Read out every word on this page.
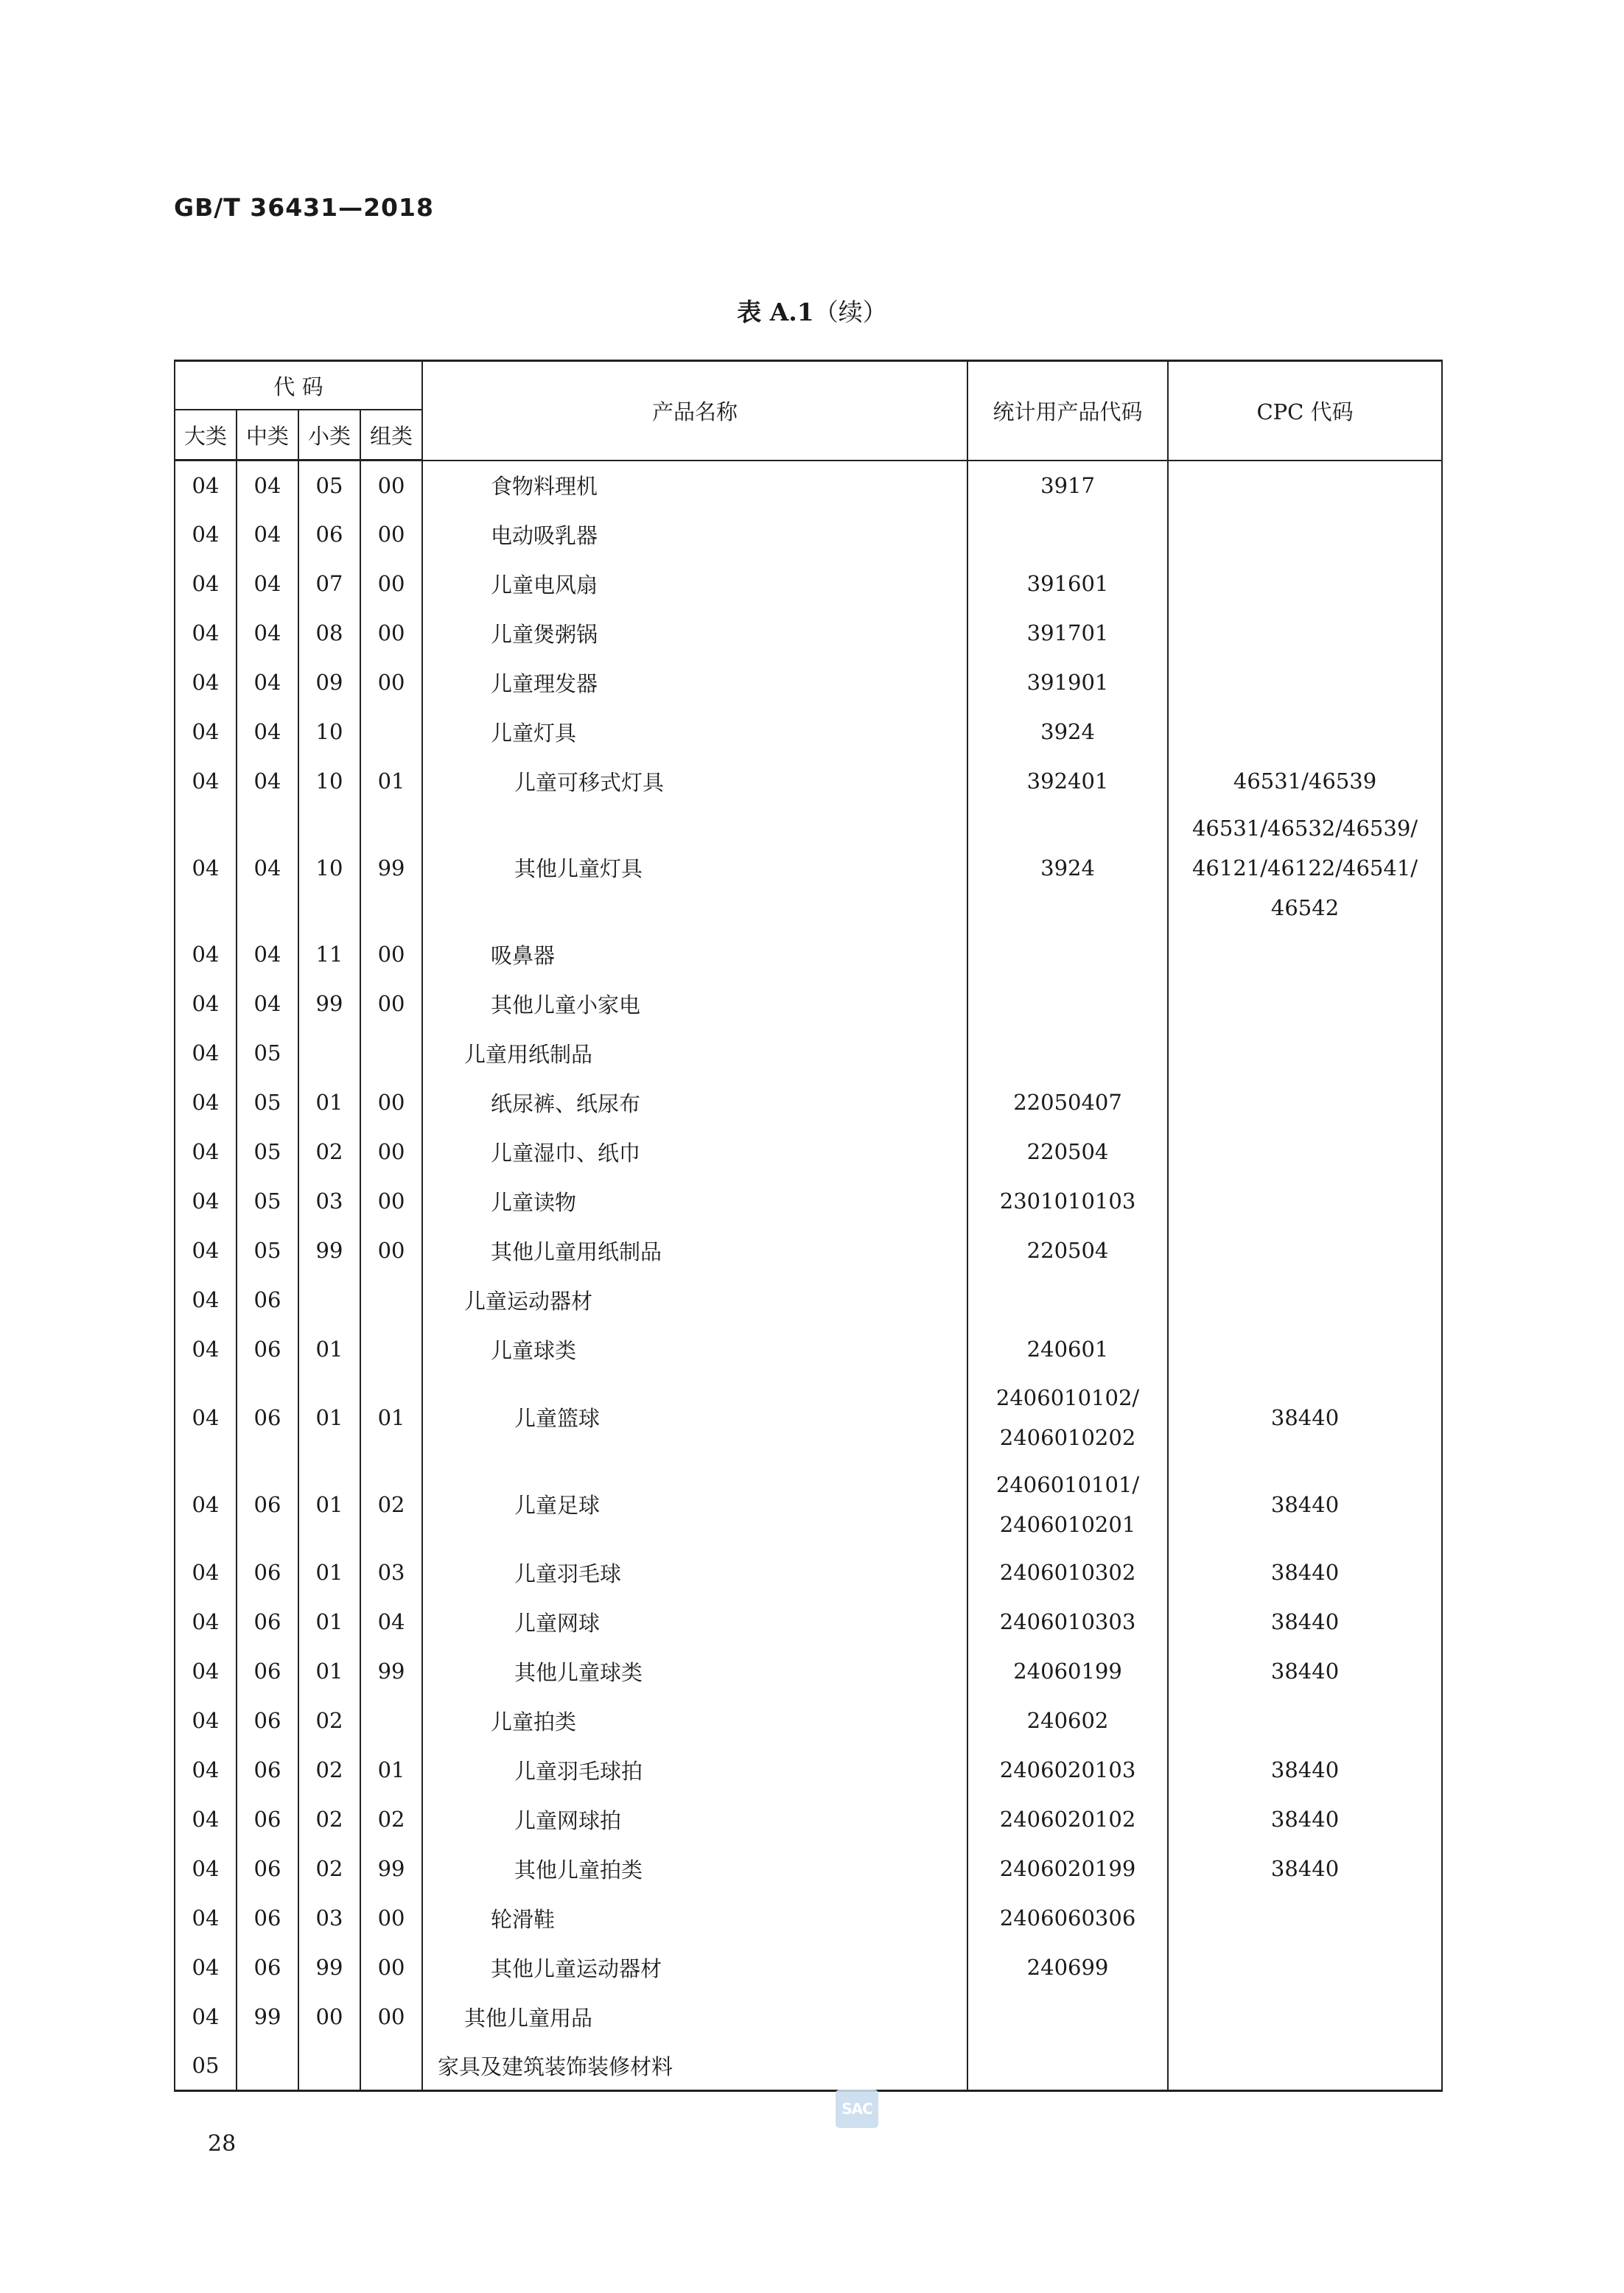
GB/T 36431—2018
表 A.1（续）
代 码				产品名称	统计用产品代码	CPC 代码
大类	中类	小类	组类			
04	04	05	00	食物料理机	3917	
04	04	06	00	电动吸乳器		
04	04	07	00	儿童电风扇	391601	
04	04	08	00	儿童煲粥锅	391701	
04	04	09	00	儿童理发器	391901	
04	04	10		儿童灯具	3924	
04	04	10	01	儿童可移式灯具	392401	46531/46539
04	04	10	99	其他儿童灯具	3924	46531/46532/46539/
46121/46122/46541/
46542

04	04	11	00	吸鼻器		
04	04	99	00	其他儿童小家电		
04	05			儿童用纸制品		
04	05	01	00	纸尿裤、纸尿布	22050407	
04	05	02	00	儿童湿巾、纸巾	220504	
04	05	03	00	儿童读物	2301010103	
04	05	99	00	其他儿童用纸制品	220504	
04	06			儿童运动器材		
04	06	01		儿童球类	240601	
04	06	01	01	儿童篮球	2406010102/
2406010202	38440
04	06	01	02	儿童足球	2406010101/
2406010201	38440
04	06	01	03	儿童羽毛球	2406010302	38440
04	06	01	04	儿童网球	2406010303	38440
04	06	01	99	其他儿童球类	24060199	38440
04	06	02		儿童拍类	240602	
04	06	02	01	儿童羽毛球拍	2406020103	38440
04	06	02	02	儿童网球拍	2406020102	38440
04	06	02	99	其他儿童拍类	2406020199	38440
04	06	03	00	轮滑鞋	2406060306	
04	06	99	00	其他儿童运动器材	240699	
04	99	00	00	其他儿童用品		
05				家具及建筑装饰装修材料		
SAC
28
